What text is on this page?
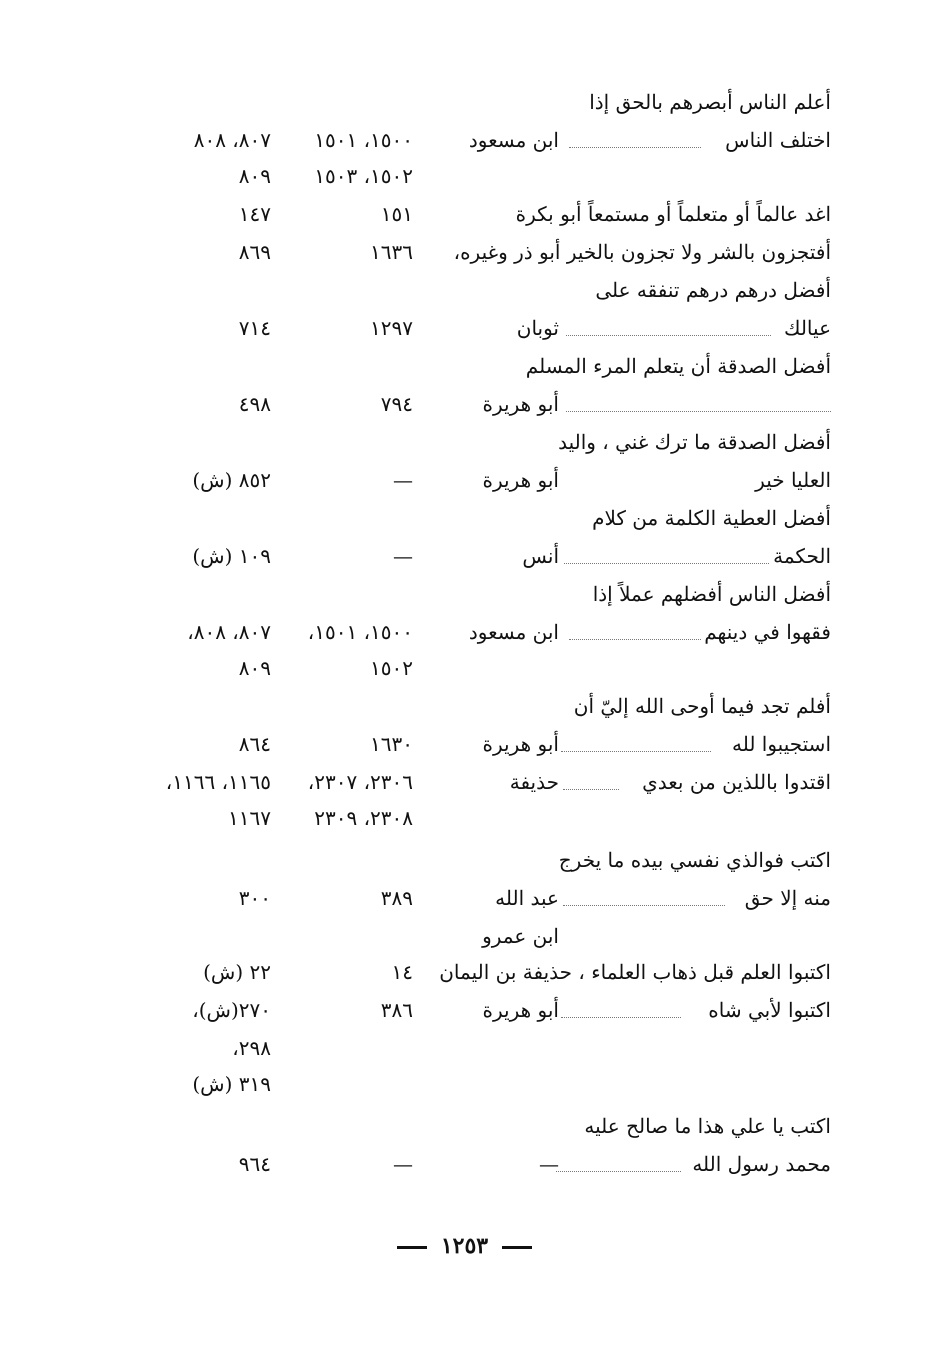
أعلم الناس أبصرهم بالحق إذا
اختلف الناس
ابن مسعود
١٥٠٠، ١٥٠١
٨٠٧، ٨٠٨
١٥٠٢، ١٥٠٣
٨٠٩
اغد عالماً أو متعلماً أو مستمعاً أبو بكرة
١٥١
١٤٧
أفتجزون بالشر ولا تجزون بالخير أبو ذر وغيره،
١٦٣٦
٨٦٩
أفضل درهم درهم تنفقه على
عيالك
ثوبان
١٢٩٧
٧١٤
أفضل الصدقة أن يتعلم المرء المسلم
أبو هريرة
٧٩٤
٤٩٨
أفضل الصدقة ما ترك غني ، واليد
العليا خير
أبو هريرة
—
٨٥٢ (ش)
أفضل العطية الكلمة من كلام
الحكمة
أنس
—
١٠٩ (ش)
أفضل الناس أفضلهم عملاً إذا
فقهوا في دينهم
ابن مسعود
١٥٠٠، ١٥٠١،
٨٠٧، ٨٠٨،
١٥٠٢
٨٠٩
أفلم تجد فيما أوحى الله إليّ أن
استجيبوا لله
أبو هريرة
١٦٣٠
٨٦٤
اقتدوا باللذين من بعدي
حذيفة
٢٣٠٦، ٢٣٠٧،
١١٦٥، ١١٦٦،
٢٣٠٨، ٢٣٠٩
١١٦٧
اكتب فوالذي نفسي بيده ما يخرج
منه إلا حق
عبد الله
٣٨٩
٣٠٠
ابن عمرو
اكتبوا العلم قبل ذهاب العلماء ، حذيفة بن اليمان
١٤
٢٢ (ش)
اكتبوا لأبي شاه
أبو هريرة
٣٨٦
٢٧٠(ش)،
٢٩٨،
٣١٩ (ش)
اكتب يا علي هذا ما صالح عليه
محمد رسول الله
—
—
٩٦٤
١٢٥٣
